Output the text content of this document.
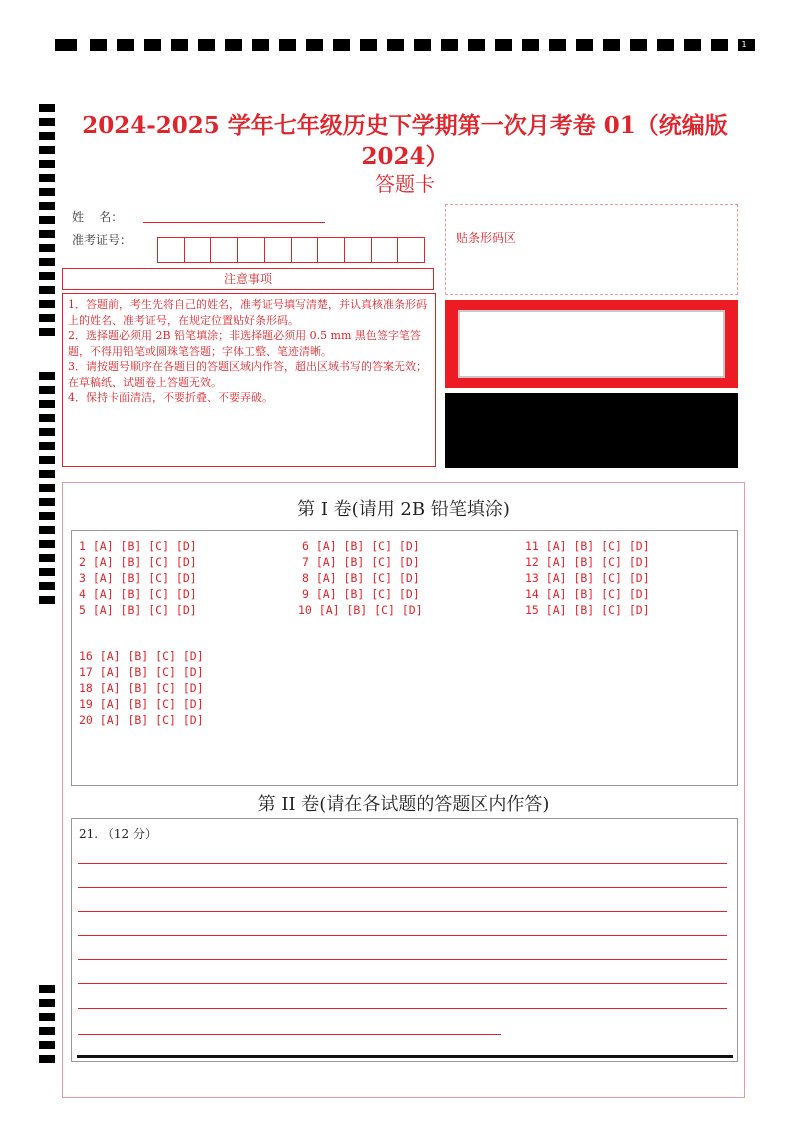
1
2024-2025 学年七年级历史下学期第一次月考卷 01（统编版 2024）
答题卡
姓    名：
准考证号：
注意事项

1．答题前，考生先将自己的姓名，准考证号填写清楚，并认真核准条形码上的姓名、准考证号，在规定位置贴好条形码。

2．选择题必须用 2B 铅笔填涂；非选择题必须用 0.5 mm 黑色签字笔答题，不得用铅笔或圆珠笔答题；字体工整、笔迹清晰。

3．请按题号顺序在各题目的答题区域内作答，超出区域书写的答案无效；在草稿纸、试题卷上答题无效。

4．保持卡面清洁，不要折叠、不要弄破。

贴条形码区
第 I 卷(请用 2B 铅笔填涂)
1 [A] [B] [C] [D]
2 [A] [B] [C] [D]
3 [A] [B] [C] [D]
4 [A] [B] [C] [D]
5 [A] [B] [C] [D]
6 [A] [B] [C] [D]
7 [A] [B] [C] [D]
8 [A] [B] [C] [D]
9 [A] [B] [C] [D]
10 [A] [B] [C] [D]
11 [A] [B] [C] [D]
12 [A] [B] [C] [D]
13 [A] [B] [C] [D]
14 [A] [B] [C] [D]
15 [A] [B] [C] [D]
16 [A] [B] [C] [D]
17 [A] [B] [C] [D]
18 [A] [B] [C] [D]
19 [A] [B] [C] [D]
20 [A] [B] [C] [D]
第 II 卷(请在各试题的答题区内作答)
21. （12 分）
